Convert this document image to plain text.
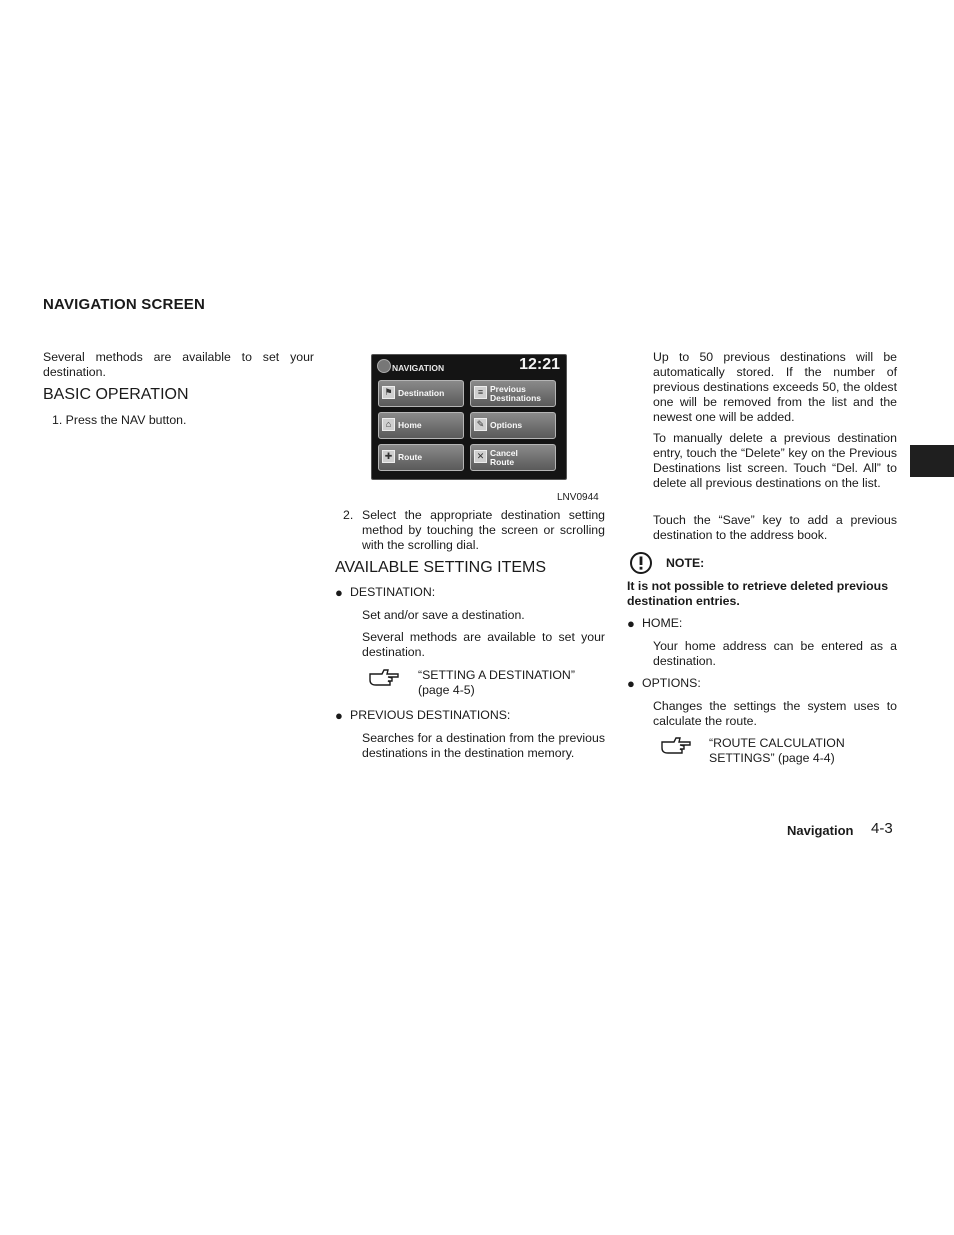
NAVIGATION SCREEN
Several methods are available to set your destination.
BASIC OPERATION
1. Press the NAV button.
NAVIGATION	12:21
⚑ Destination	≡ Previous Destinations
⌂ Home	✎ Options
✚ Route	✕ Cancel Route
LNV0944
2. Select the appropriate destination setting method by touching the screen or scrolling with the scrolling dial.
AVAILABLE SETTING ITEMS
● DESTINATION:
Set and/or save a destination.
Several methods are available to set your destination.
“SETTING A DESTINATION” (page 4-5)
● PREVIOUS DESTINATIONS:
Searches for a destination from the previous destinations in the destination memory.
Up to 50 previous destinations will be automatically stored. If the number of previous destinations exceeds 50, the oldest one will be removed from the list and the newest one will be added.
To manually delete a previous destination entry, touch the “Delete” key on the Previous Destinations list screen. Touch “Del. All” to delete all previous destinations on the list.
Touch the “Save” key to add a previous destination to the address book.
NOTE:
It is not possible to retrieve deleted previous destination entries.
● HOME:
Your home address can be entered as a destination.
● OPTIONS:
Changes the settings the system uses to calculate the route.
“ROUTE CALCULATION SETTINGS” (page 4-4)
Navigation 4-3
